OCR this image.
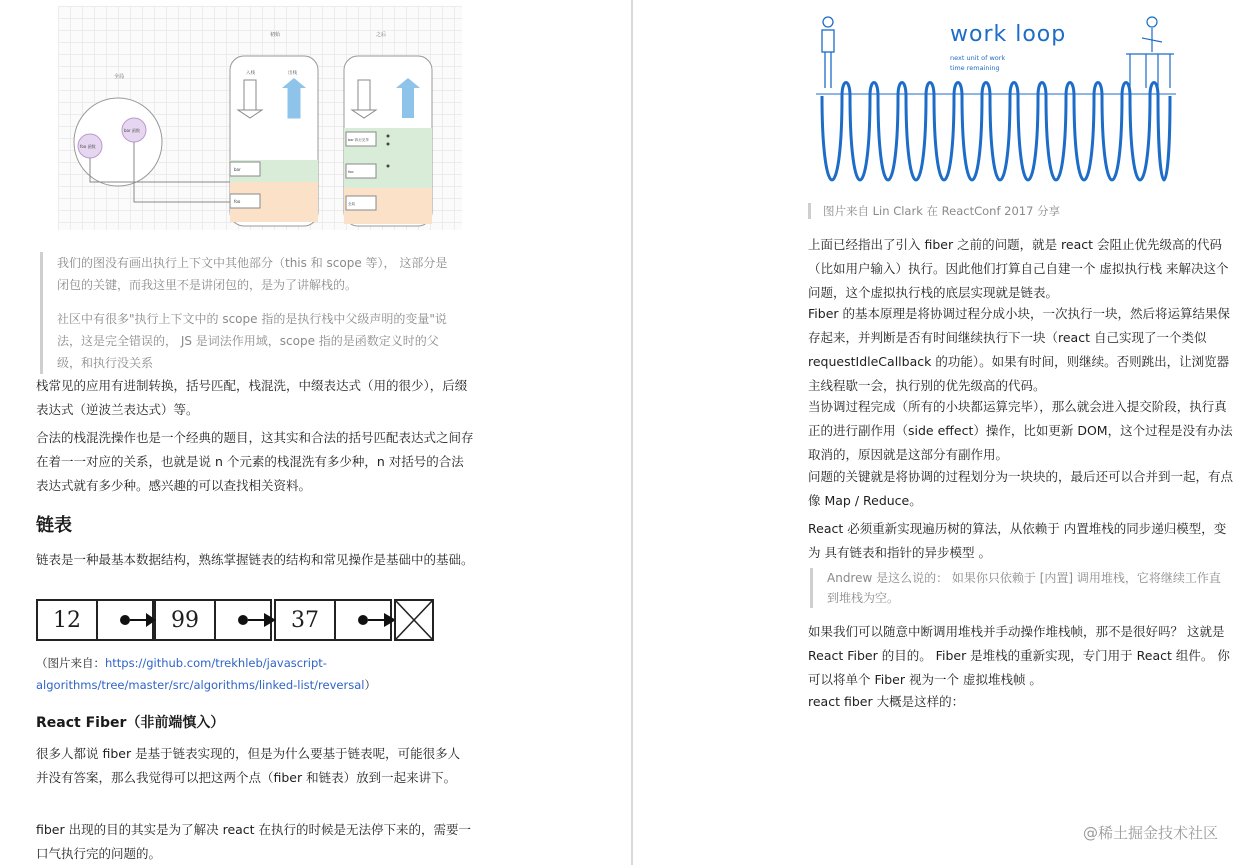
初始	之后
全局
foo 函数
bar 函数
入栈	出栈
bar
foo
bar 执行完毕
foo
全局
我们的图没有画出执行上下文中其他部分（this 和 scope 等）， 这部分是闭包的关键，而我这里不是讲闭包的，是为了讲解栈的。
社区中有很多"执行上下文中的 scope 指的是执行栈中父级声明的变量"说法，这是完全错误的， JS 是词法作用域，scope 指的是函数定义时的父级，和执行没关系
栈常见的应用有进制转换，括号匹配，栈混洗，中缀表达式（用的很少），后缀表达式（逆波兰表达式）等。
合法的栈混洗操作也是一个经典的题目，这其实和合法的括号匹配表达式之间存在着一一对应的关系，也就是说 n 个元素的栈混洗有多少种，n 对括号的合法表达式就有多少种。感兴趣的可以查找相关资料。
链表
链表是一种最基本数据结构，熟练掌握链表的结构和常见操作是基础中的基础。
12	99	37
（图片来自：https://github.com/trekhleb/javascript-algorithms/tree/master/src/algorithms/linked-list/reversal）
React Fiber（非前端慎入）
很多人都说 fiber 是基于链表实现的，但是为什么要基于链表呢，可能很多人并没有答案，那么我觉得可以把这两个点（fiber 和链表）放到一起来讲下。
fiber 出现的目的其实是为了解决 react 在执行的时候是无法停下来的，需要一口气执行完的问题的。
work loop
next unit of work
time remaining
图片来自 Lin Clark 在 ReactConf 2017 分享
上面已经指出了引入 fiber 之前的问题，就是 react 会阻止优先级高的代码（比如用户输入）执行。因此他们打算自己自建一个 虚拟执行栈 来解决这个问题，这个虚拟执行栈的底层实现就是链表。
Fiber 的基本原理是将协调过程分成小块，一次执行一块，然后将运算结果保存起来，并判断是否有时间继续执行下一块（react 自己实现了一个类似 requestIdleCallback 的功能）。如果有时间，则继续。否则跳出，让浏览器主线程歇一会，执行别的优先级高的代码。
当协调过程完成（所有的小块都运算完毕），那么就会进入提交阶段，执行真正的进行副作用（side effect）操作，比如更新 DOM，这个过程是没有办法取消的，原因就是这部分有副作用。
问题的关键就是将协调的过程划分为一块块的，最后还可以合并到一起，有点像 Map / Reduce。
React 必须重新实现遍历树的算法，从依赖于 内置堆栈的同步递归模型，变为 具有链表和指针的异步模型 。
Andrew 是这么说的： 如果你只依赖于 [内置] 调用堆栈，它将继续工作直到堆栈为空。
如果我们可以随意中断调用堆栈并手动操作堆栈帧，那不是很好吗？ 这就是 React Fiber 的目的。 Fiber 是堆栈的重新实现，专门用于 React 组件。 你可以将单个 Fiber 视为一个 虚拟堆栈帧 。
react fiber 大概是这样的：
@稀土掘金技术社区
